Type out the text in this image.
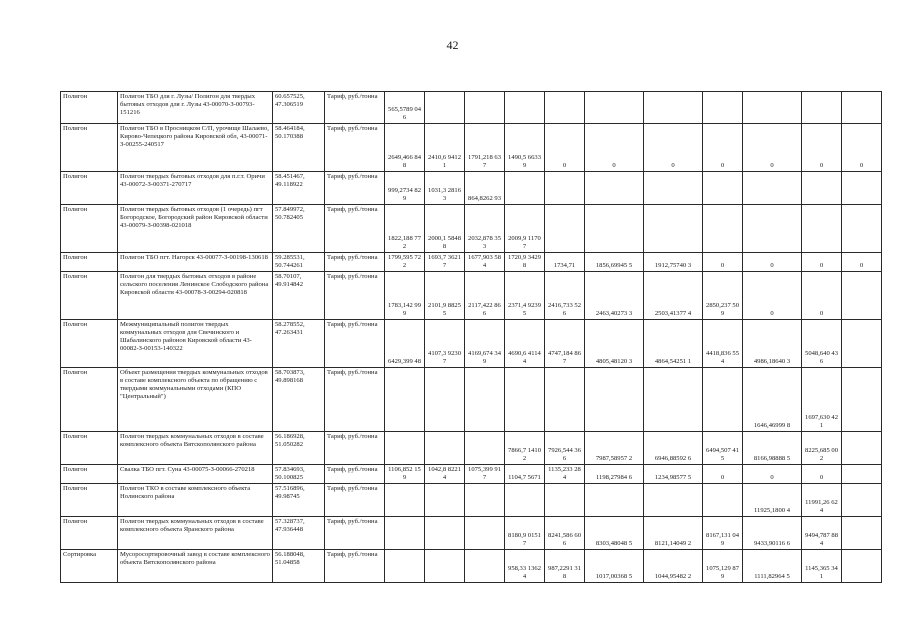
42
Полигон	Полигон ТБО для г. Лузы/ Полигон для твердых бытовых отходов для г. Лузы 43-00070-З-00793-151216	60.657525, 47.306519	Тариф, руб./тонна	565,5789 046										
Полигон	Полигон ТБО в Просницком С/П, урочище Шалаево, Кирово-Чепецкого района Кировской обл, 43-00071-З-00255-240517	58.464184, 50.170388	Тариф, руб./тонна	2649,466 848	2410,6 94121	1791,218 637	1490,5 66339	0	0	0	0	0	0	0
Полигон	Полигон твердых бытовых отходов для п.г.т. Оричи 43-00072-З-00371-270717	58.451467, 49.118922	Тариф, руб./тонна	999,2734 829	1031,3 28163	864,8262 93								
Полигон	Полигон твердых бытовых отходов (1 очередь) пгт Богородское, Богородский район Кировской области 43-00079-З-00398-021018	57.849972, 50.782405	Тариф, руб./тонна	1822,188 772	2000,1 58488	2032,878 353	2009,9 11707							
Полигон	Полигон ТБО пгт. Нагорск 43-00077-З-00198-130618	59.285531, 50.744261	Тариф, руб./тонна	1799,595 722	1693,7 36217	1677,903 584	1720,9 34298	1734,71	1856,69945 5	1912,75740 3	0	0	0	0
Полигон	Полигон для твердых бытовых отходов в районе сельского поселения Ленинское Слободского района Кировской области 43-00078-З-00294-020818	58.70107, 49.914842	Тариф, руб./тонна	1783,142 999	2101,9 88255	2117,422 866	2371,4 92395	2416,733 526	2463,40273 3	2503,41377 4	2850,237 509	0	0	
Полигон	Межмуниципальный полигон твердых коммунальных отходов для Свечинского и Шабалинского районов Кировской области 43-00082-З-00153-140322	58.278552, 47.263431	Тариф, руб./тонна	6429,399 48	4107,3 92307	4169,674 349	4690,6 41144	4747,184 867	4805,48120 3	4864,54251 1	4418,836 554	4986,18640 3	5048,640 436	
Полигон	Объект размещения твердых коммунальных отходов в составе комплексного объекта по обращению с твердыми коммунальными отходами (КПО "Центральный")	58.703873, 49.898168	Тариф, руб./тонна									1646,46999 8	1697,630 421	
Полигон	Полигон твердых коммунальных отходов в составе комплексного объекта Вятскополянского района	56.186928, 51.050282	Тариф, руб./тонна				7866,7 14102	7926,544 366	7987,58957 2	6946,88592 6	6494,507 415	8166,98888 5	8225,685 002	
Полигон	Свалка ТБО пгт. Суна 43-00075-З-00066-270218	57.834693, 50.100825	Тариф, руб./тонна	1106,852 159	1042,8 82214	1075,399 917	1104,7 5671	1135,233 284	1198,27984 6	1234,98577 5	0	0	0	
Полигон	Полигон ТКО в составе комплексного объекта Нолинского района	57.516896, 49.98745	Тариф, руб./тонна									11925,1800 4	11991,26 624	
Полигон	Полигон твердых коммунальных отходов в составе комплексного объекта Яранского района	57.328737, 47.936448	Тариф, руб./тонна				8180,9 01517	8241,586 606	8303,48048 5	8121,14049 2	8167,131 049	9433,90116 6	9494,787 884	
Сортировка	Мусоросортировочный завод в составе комплексного объекта Вятскополянского района	56.188048, 51.04858	Тариф, руб./тонна				958,33 13624	987,2291 318	1017,00368 5	1044,95482 2	1075,129 879	1111,82964 5	1145,365 341	
